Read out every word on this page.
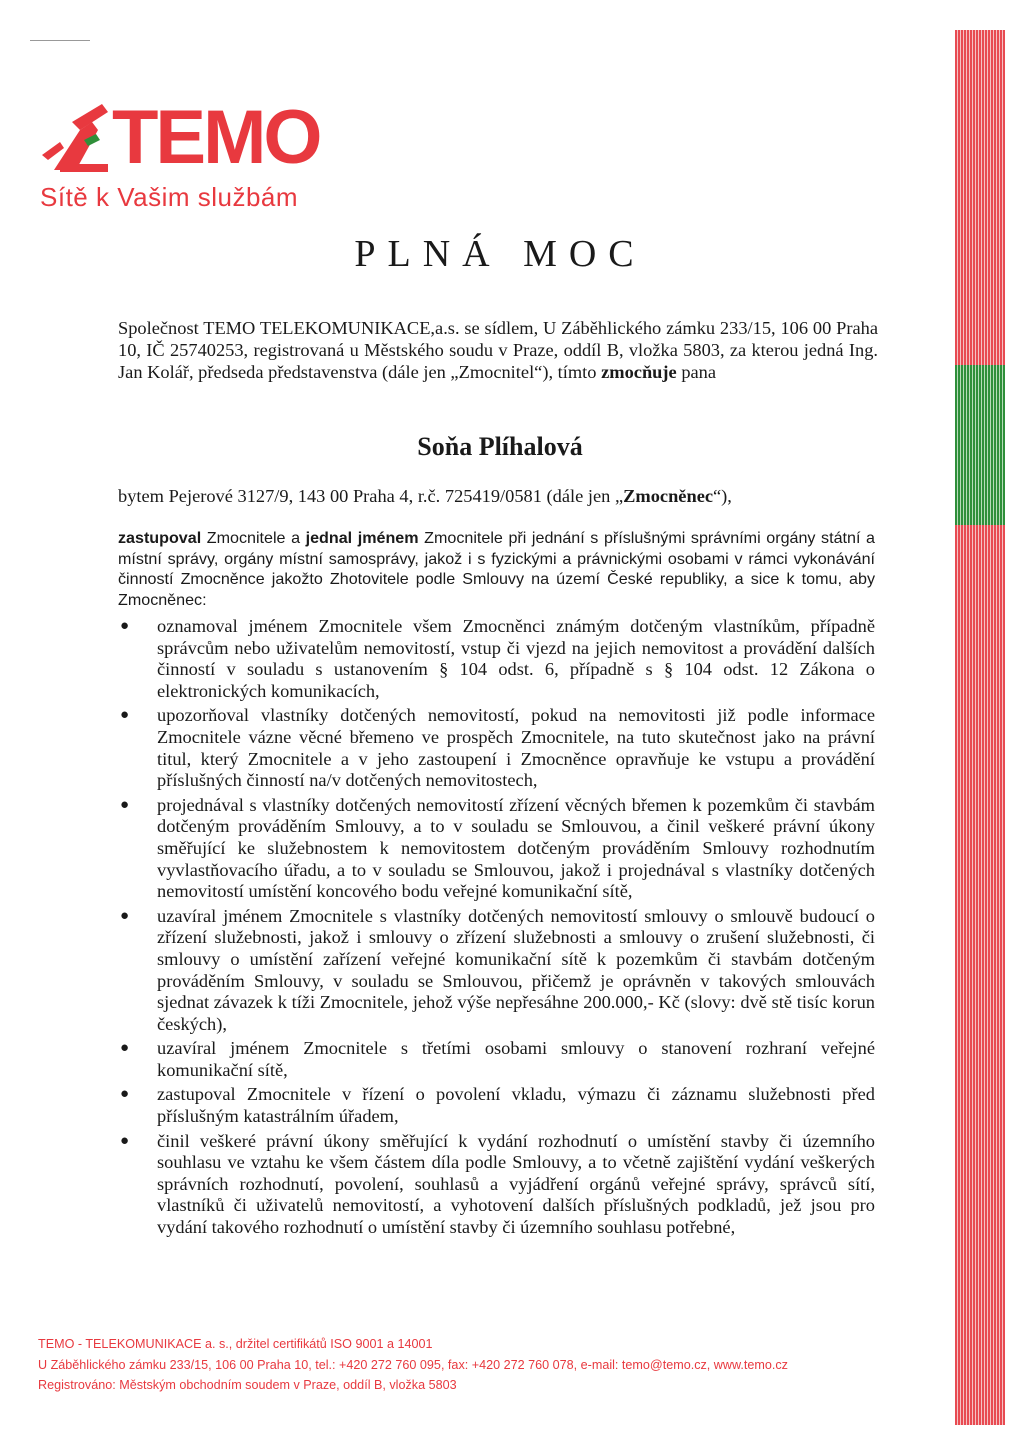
TEMO
Sítě k Vašim službám
PLNÁ MOC
Společnost TEMO TELEKOMUNIKACE,a.s. se sídlem, U Záběhlického zámku 233/15, 106 00 Praha 10, IČ 25740253, registrovaná u Městského soudu v Praze, oddíl B, vložka 5803, za kterou jedná Ing. Jan Kolář, předseda představenstva (dále jen „Zmocnitel“), tímto zmocňuje pana
Soňa Plíhalová
bytem Pejerové 3127/9, 143 00 Praha 4, r.č. 725419/0581 (dále jen „Zmocněnec“),
zastupoval Zmocnitele a jednal jménem Zmocnitele při jednání s příslušnými správními orgány státní a místní správy, orgány místní samosprávy, jakož i s fyzickými a právnickými osobami v rámci vykonávání činností Zmocněnce jakožto Zhotovitele podle Smlouvy na území České republiky, a sice k tomu, aby Zmocněnec:
● oznamoval jménem Zmocnitele všem Zmocněnci známým dotčeným vlastníkům, případně správcům nebo uživatelům nemovitostí, vstup či vjezd na jejich nemovitost a provádění dalších činností v souladu s ustanovením § 104 odst. 6, případně s § 104 odst. 12 Zákona o elektronických komunikacích,
● upozorňoval vlastníky dotčených nemovitostí, pokud na nemovitosti již podle informace Zmocnitele vázne věcné břemeno ve prospěch Zmocnitele, na tuto skutečnost jako na právní titul, který Zmocnitele a v jeho zastoupení i Zmocněnce opravňuje ke vstupu a provádění příslušných činností na/v dotčených nemovitostech,
● projednával s vlastníky dotčených nemovitostí zřízení věcných břemen k pozemkům či stavbám dotčeným prováděním Smlouvy, a to v souladu se Smlouvou, a činil veškeré právní úkony směřující ke služebnostem k nemovitostem dotčeným prováděním Smlouvy rozhodnutím vyvlastňovacího úřadu, a to v souladu se Smlouvou, jakož i projednával s vlastníky dotčených nemovitostí umístění koncového bodu veřejné komunikační sítě,
● uzavíral jménem Zmocnitele s vlastníky dotčených nemovitostí smlouvy o smlouvě budoucí o zřízení služebnosti, jakož i smlouvy o zřízení služebnosti a smlouvy o zrušení služebnosti, či smlouvy o umístění zařízení veřejné komunikační sítě k pozemkům či stavbám dotčeným prováděním Smlouvy, v souladu se Smlouvou, přičemž je oprávněn v takových smlouvách sjednat závazek k tíži Zmocnitele, jehož výše nepřesáhne 200.000,- Kč (slovy: dvě stě tisíc korun českých),
● uzavíral jménem Zmocnitele s třetími osobami smlouvy o stanovení rozhraní veřejné komunikační sítě,
● zastupoval Zmocnitele v řízení o povolení vkladu, výmazu či záznamu služebnosti před příslušným katastrálním úřadem,
● činil veškeré právní úkony směřující k vydání rozhodnutí o umístění stavby či územního souhlasu ve vztahu ke všem částem díla podle Smlouvy, a to včetně zajištění vydání veškerých správních rozhodnutí, povolení, souhlasů a vyjádření orgánů veřejné správy, správců sítí, vlastníků či uživatelů nemovitostí, a vyhotovení dalších příslušných podkladů, jež jsou pro vydání takového rozhodnutí o umístění stavby či územního souhlasu potřebné,
TEMO - TELEKOMUNIKACE a. s., držitel certifikátů ISO 9001 a 14001
U Záběhlického zámku 233/15, 106 00 Praha 10, tel.: +420 272 760 095, fax: +420 272 760 078, e-mail: temo@temo.cz, www.temo.cz
Registrováno: Městským obchodním soudem v Praze, oddíl B, vložka 5803
